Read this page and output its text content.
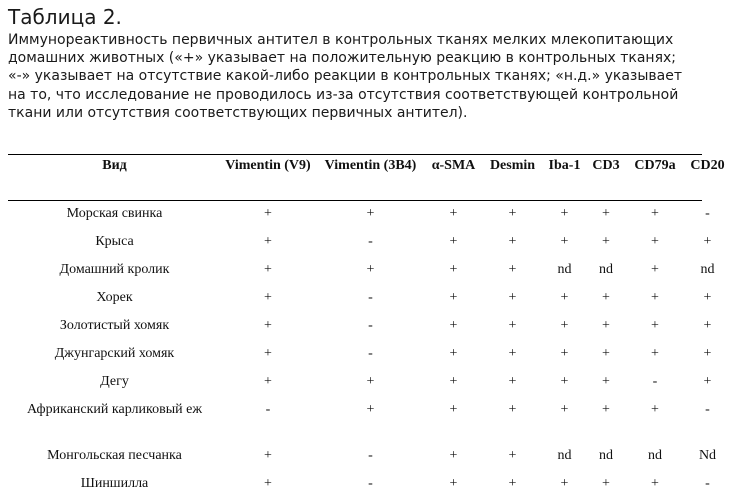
Таблица 2.

Иммунореактивность первичных антител в контрольных тканях мелких млекопитающих домашних животных («+» указывает на положительную реакцию в контрольных тканях; «-» указывает на отсутствие какой-либо реакции в контрольных тканях; «н.д.» указывает на то, что исследование не проводилось из-за отсутствия соответствующей контрольной ткани или отсутствия соответствующих первичных антител).

Вид	Vimentin (V9)	Vimentin (3B4)	α-SMA	Desmin	Iba-1	CD3	CD79a	CD20
Морская свинка	+	+	+	+	+	+	+	-
Крыса	+	-	+	+	+	+	+	+
Домашний кролик	+	+	+	+	nd	nd	+	nd
Хорек	+	-	+	+	+	+	+	+
Золотистый хомяк	+	-	+	+	+	+	+	+
Джунгарский хомяк	+	-	+	+	+	+	+	+
Дегу	+	+	+	+	+	+	-	+
Африканский карликовый еж	-	+	+	+	+	+	+	-
Монгольская песчанка	+	-	+	+	nd	nd	nd	Nd
Шиншилла	+	-	+	+	+	+	+	-
